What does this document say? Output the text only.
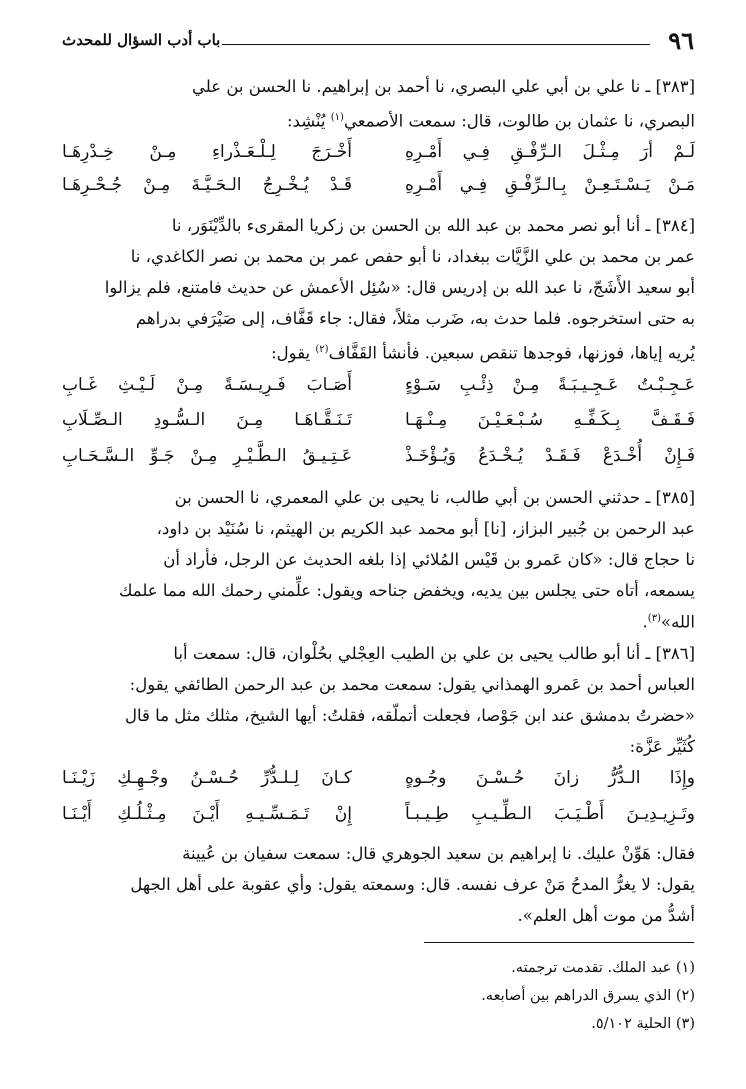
٩٦
باب أدب السؤال للمحدث
[٣٨٣] ـ نا علي بن أبي علي البصري، نا أحمد بن إبراهيم. نا الحسن بن علي
البصري، نا عثمان بن طالوت، قال: سمعت الأصمعي$^{(١)}$ يُنْشِد:
لَـمْ أرَ مِـثْـلَ الـرِّفْـقِ فِـي أَمْـرِهِ
أَخْـرَجَ لِـلْـعَـذْراءِ مِـنْ خِـدْرِهَـا
مَـنْ يَـسْـتَـعِـنْ بِـالـرِّفْـقِ فِـي أَمْـرِهِ
قَـدْ يُـخْـرِجُ الـحَـيَّـةَ مِـنْ جُـحْـرِهَـا
[٣٨٤] ـ أنا أبو نصر محمد بن عبد الله بن الحسن بن زكريا المقرىء بالدِّيْنَوَر، نا
عمر بن محمد بن علي الزَّيَّات ببغداد، نا أبو حفص عمر بن محمد بن نصر الكاغدي، نا
أبو سعيد الأَشَجّ، نا عبد الله بن إدريس قال: «سُئِل الأعمش عن حديث فامتنع، فلم يزالوا
به حتى استخرجوه. فلما حدث به، ضَرب مثلاً، فقال: جاء قَفَّاف، إلى صَيْرَفي بدراهم
يُريه إياها، فوزنها، فوجدها تنقص سبعين. فأنشأ القَفَّاف$^{(٢)}$ يقول:
عَـجِـبْـتُ عَـجِـيـبَـةً مِـنْ ذِئْـبِ سَـوْءٍ
أَصَـابَ فَـرِيـسَـةً مِـنْ لَـيْـثِ غَـابِ
فَـقَـفَّ بِـكَـفِّـهِ سُـبْـعَـيْـنَ مِـنْـهَـا
تَـنَـقَّـاهَـا مِـنَ الـسُّـودِ الـصِّـلَابِ
فَـإِنْ أُخْـدَعْ فَـقَـدْ يُـخْـدَعُ وَيُـؤْخَـذْ
عَـتِـيـقُ الـطَّـيْـرِ مِـنْ جَـوِّ الـسَّـحَـابِ
[٣٨٥] ـ حدثني الحسن بن أبي طالب، نا يحيى بن علي المعمري، نا الحسن بن
عبد الرحمن بن جُبير البزاز، [نا] أبو محمد عبد الكريم بن الهيثم، نا سُنَيْد بن داود،
نا حجاج قال: «كان عَمرو بن قَيْس المُلائي إذا بلغه الحديث عن الرجل، فأراد أن
يسمعه، أتاه حتى يجلس بين يديه، ويخفض جناحه ويقول: علِّمني رحمك الله مما علمك
الله»$^{(٣)}$.
[٣٨٦] ـ أنا أبو طالب يحيى بن علي بن الطيب العِجْلي بحُلْوان، قال: سمعت أبا
العباس أحمد بن عَمرو الهمذاني يقول: سمعت محمد بن عبد الرحمن الطائفي يقول:
«حضرتُ بدمشق عند ابن جَوْصا، فجعلت أتملّقه، فقلتُ: أيها الشيخ، مثلك مثل ما قال
كُثَيِّر عَزَّة:
وإِذَا الـدُّرُّ زانَ حُـسْـنَ وجُـوهٍ
كـانَ لِـلـدُّرِّ حُـسْـنُ وجْـهِـكِ زَيْـنَـا
وتَـزِيـدِيـنَ أَطْـيَـبَ الـطِّـيـبِ طِـيـبـاً
إِنْ تَـمَـسِّـيـهِ أَيْـنَ مِـثْـلُـكِ أَيْـنَـا
فقال: هَوِّنْ عليك. نا إبراهيم بن سعيد الجوهري قال: سمعت سفيان بن عُيينة
يقول: لا يغرُّ المدحُ مَنْ عرف نفسه. قال: وسمعته يقول: وأي عقوبة على أهل الجهل
أشدُّ من موت أهل العلم».
(١) عبد الملك. تقدمت ترجمته.
(٢) الذي يسرق الدراهم بين أصابعه.
(٣) الحلية ٥/١٠٢.
